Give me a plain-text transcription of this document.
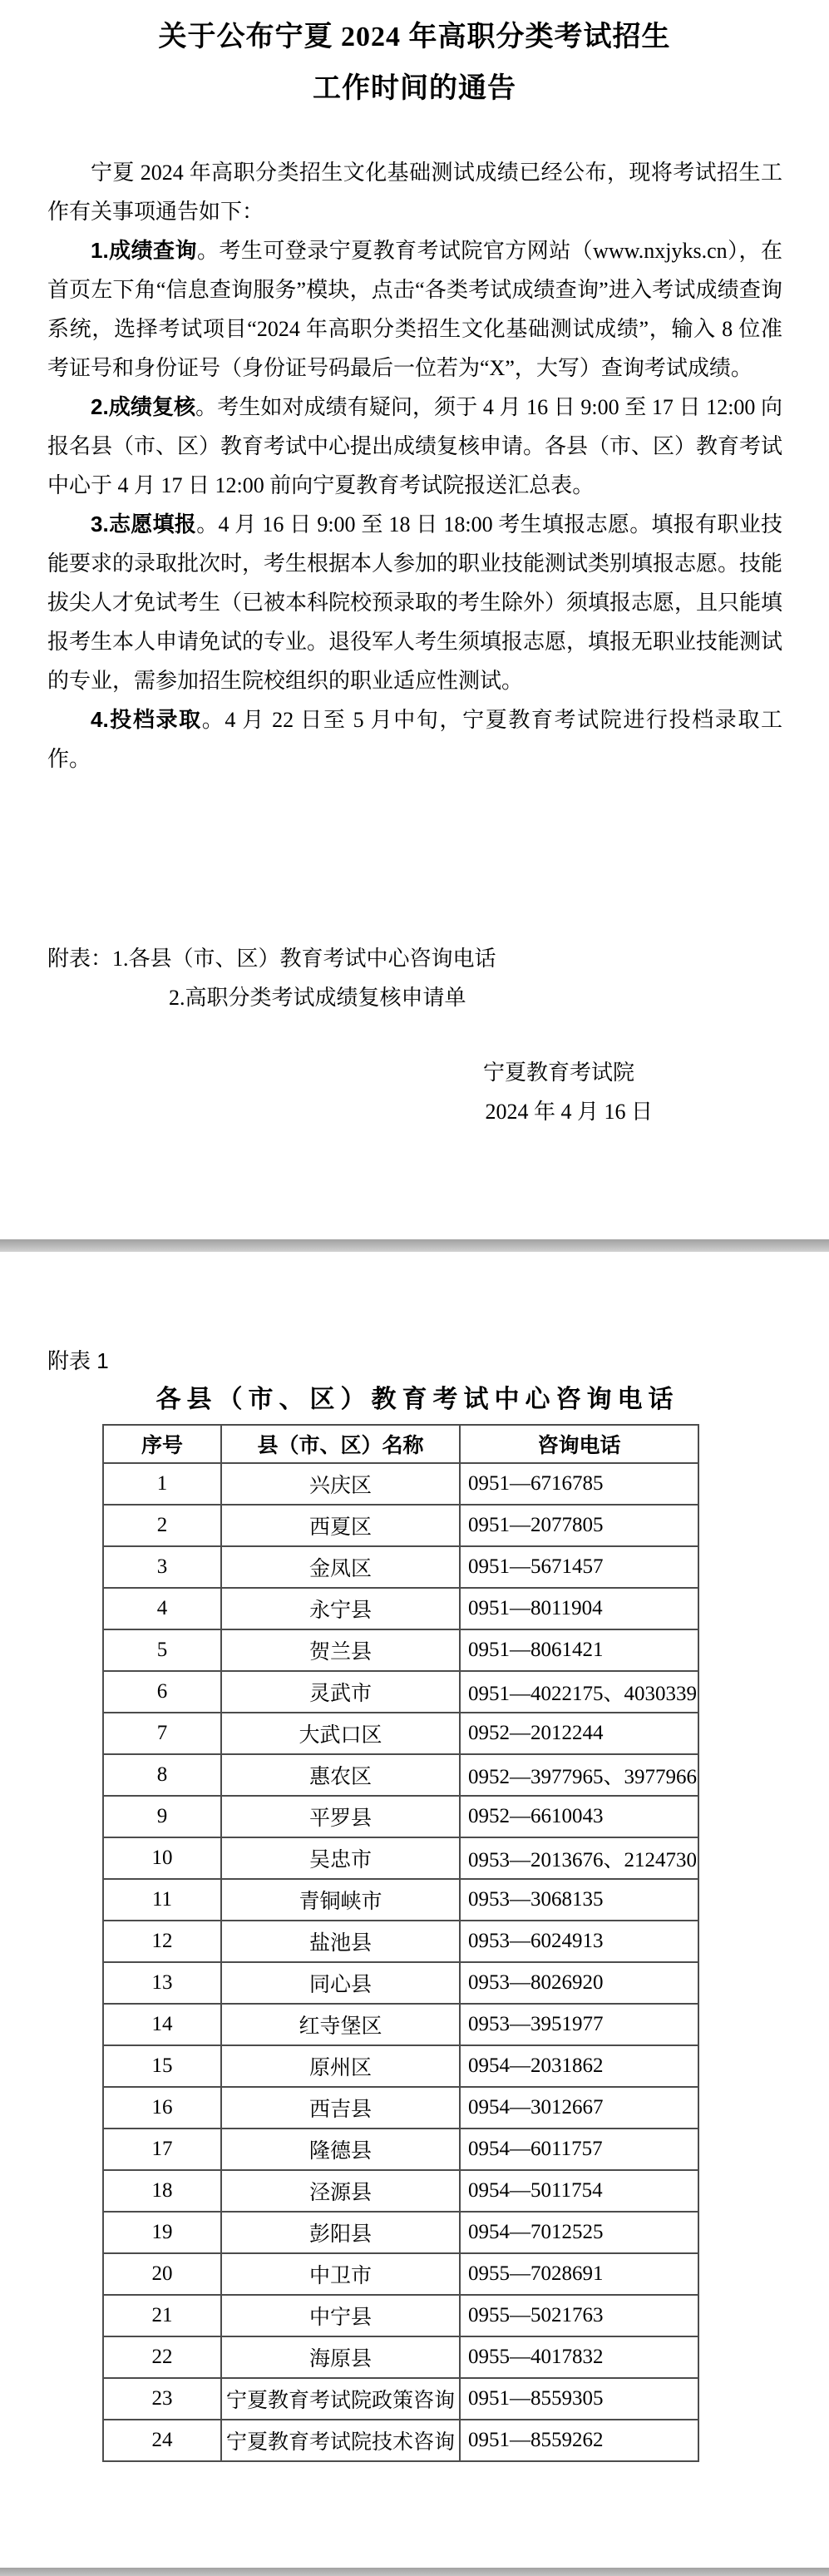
关于公布宁夏 2024 年高职分类考试招生
工作时间的通告

宁夏 2024 年高职分类招生文化基础测试成绩已经公布，现将考试招生工作有关事项通告如下：

1.成绩查询。考生可登录宁夏教育考试院官方网站（www.nxjyks.cn），在首页左下角“信息查询服务”模块，点击“各类考试成绩查询”进入考试成绩查询系统，选择考试项目“2024 年高职分类招生文化基础测试成绩”，输入 8 位准考证号和身份证号（身份证号码最后一位若为“X”，大写）查询考试成绩。

2.成绩复核。考生如对成绩有疑问，须于 4 月 16 日 9:00 至 17 日 12:00 向报名县（市、区）教育考试中心提出成绩复核申请。各县（市、区）教育考试中心于 4 月 17 日 12:00 前向宁夏教育考试院报送汇总表。

3.志愿填报。4 月 16 日 9:00 至 18 日 18:00 考生填报志愿。填报有职业技能要求的录取批次时，考生根据本人参加的职业技能测试类别填报志愿。技能拔尖人才免试考生（已被本科院校预录取的考生除外）须填报志愿，且只能填报考生本人申请免试的专业。退役军人考生须填报志愿，填报无职业技能测试的专业，需参加招生院校组织的职业适应性测试。

4.投档录取。4 月 22 日至 5 月中旬，宁夏教育考试院进行投档录取工作。

附表：1.各县（市、区）教育考试中心咨询电话
2.高职分类考试成绩复核申请单
宁夏教育考试院
2024 年 4 月 16 日
附表 1
各县（市、区）教育考试中心咨询电话
序号	县（市、区）名称	咨询电话
1	兴庆区	0951—6716785
2	西夏区	0951—2077805
3	金凤区	0951—5671457
4	永宁县	0951—8011904
5	贺兰县	0951—8061421
6	灵武市	0951—4022175、4030339
7	大武口区	0952—2012244
8	惠农区	0952—3977965、3977966
9	平罗县	0952—6610043
10	吴忠市	0953—2013676、2124730
11	青铜峡市	0953—3068135
12	盐池县	0953—6024913
13	同心县	0953—8026920
14	红寺堡区	0953—3951977
15	原州区	0954—2031862
16	西吉县	0954—3012667
17	隆德县	0954—6011757
18	泾源县	0954—5011754
19	彭阳县	0954—7012525
20	中卫市	0955—7028691
21	中宁县	0955—5021763
22	海原县	0955—4017832
23	宁夏教育考试院政策咨询	0951—8559305
24	宁夏教育考试院技术咨询	0951—8559262
